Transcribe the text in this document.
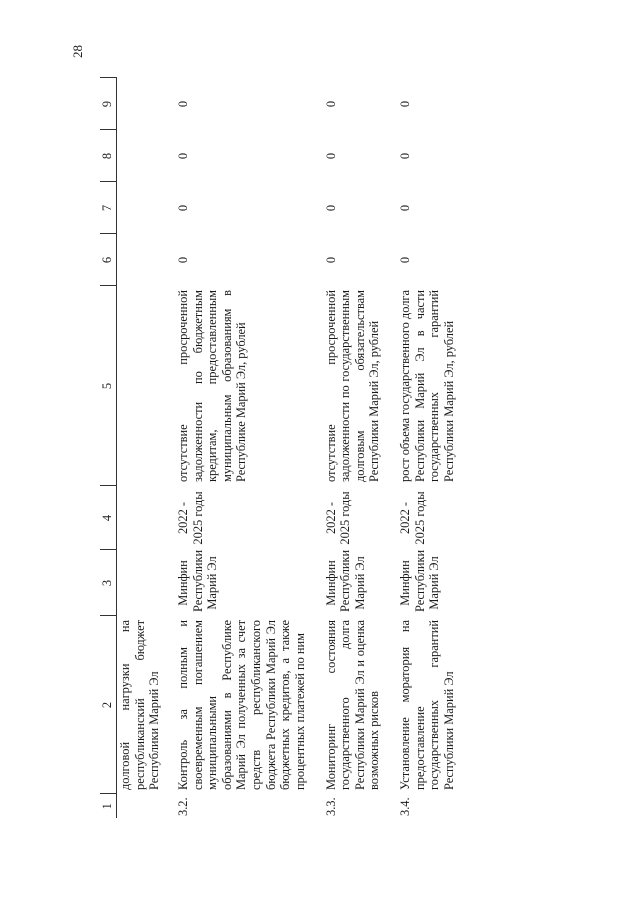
28
1	2	3	4	5	6	7	8	9
	долговой нагрузки на республиканский бюджет Республики Марий Эл							
3.2.	Контроль за полным и своевременным погашением муниципальными образованиями в Республике Марий Эл полученных за счет средств республиканского бюджета Республики Марий Эл бюджетных кредитов, а также процентных платежей по ним	Минфин Республики Марий Эл	2022 - 2025 годы	отсутствие просроченной задолженности по бюджетным кредитам, предоставленным муниципальным образованиям в Республике Марий Эл, рублей	0	0	0	0
3.3.	Мониторинг состояния государственного долга Республики Марий Эл и оценка возможных рисков	Минфин Республики Марий Эл	2022 - 2025 годы	отсутствие просроченной задолженности по государственным долговым обязательствам Республики Марий Эл, рублей	0	0	0	0
3.4.	Установление моратория на предоставление государственных гарантий Республики Марий Эл	Минфин Республики Марий Эл	2022 - 2025 годы	рост объема государственного долга Республики Марий Эл в части государственных гарантий Республики Марий Эл, рублей	0	0	0	0
